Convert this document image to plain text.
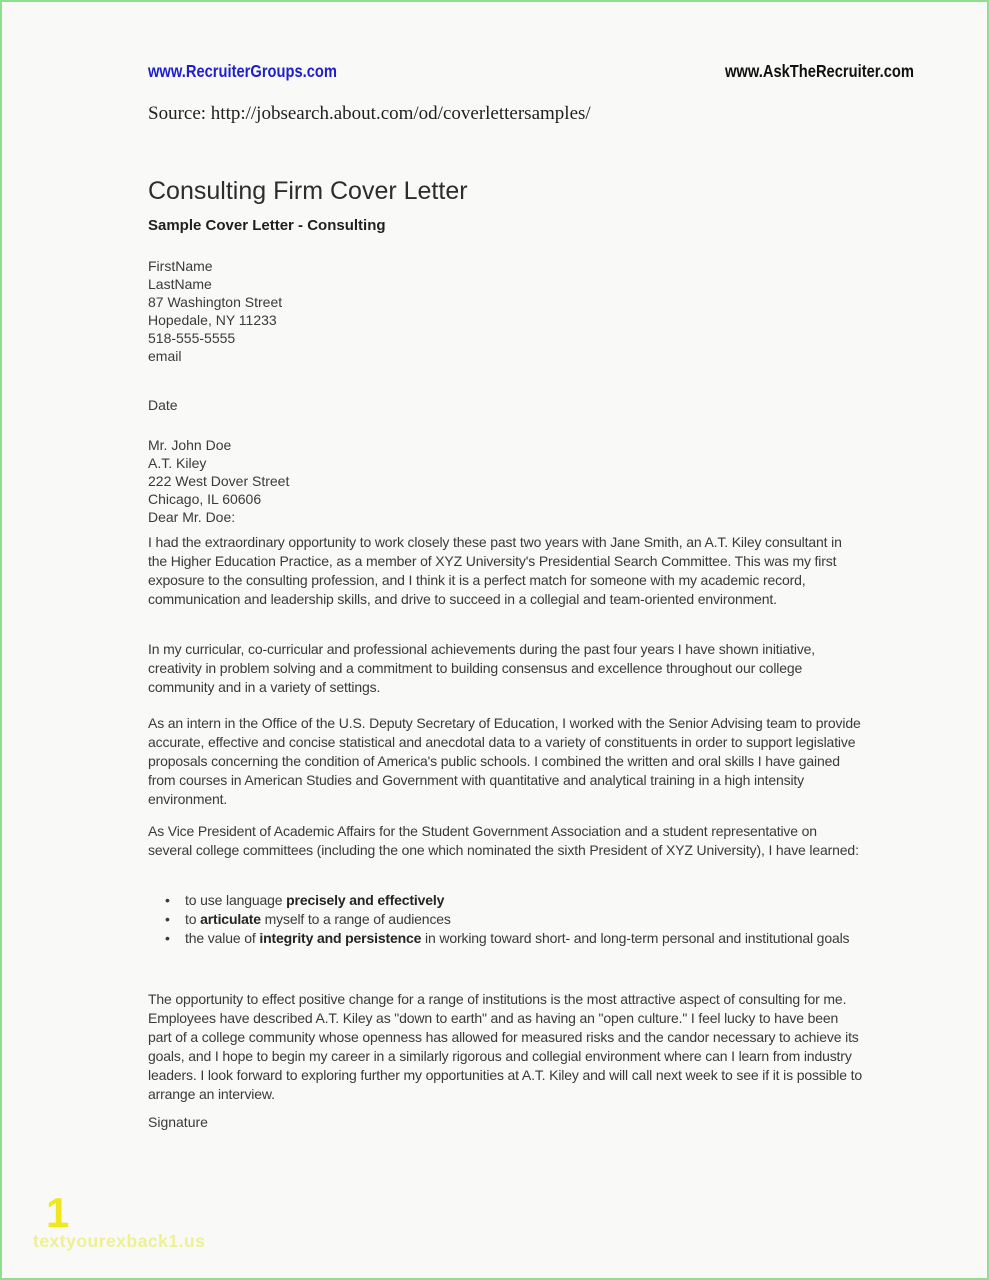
www.RecruiterGroups.com	www.AskTheRecruiter.com
Source: http://jobsearch.about.com/od/coverlettersamples/
Consulting Firm Cover Letter
Sample Cover Letter - Consulting
FirstName
LastName
87 Washington Street
Hopedale, NY 11233
518-555-5555
email
Date
Mr. John Doe
A.T. Kiley
222 West Dover Street
Chicago, IL 60606
Dear Mr. Doe:
I had the extraordinary opportunity to work closely these past two years with Jane Smith, an A.T. Kiley consultant in the Higher Education Practice, as a member of XYZ University's Presidential Search Committee. This was my first exposure to the consulting profession, and I think it is a perfect match for someone with my academic record, communication and leadership skills, and drive to succeed in a collegial and team-oriented environment.
In my curricular, co-curricular and professional achievements during the past four years I have shown initiative, creativity in problem solving and a commitment to building consensus and excellence throughout our college community and in a variety of settings.
As an intern in the Office of the U.S. Deputy Secretary of Education, I worked with the Senior Advising team to provide accurate, effective and concise statistical and anecdotal data to a variety of constituents in order to support legislative proposals concerning the condition of America's public schools. I combined the written and oral skills I have gained from courses in American Studies and Government with quantitative and analytical training in a high intensity environment.
As Vice President of Academic Affairs for the Student Government Association and a student representative on several college committees (including the one which nominated the sixth President of XYZ University), I have learned:
•	to use language precisely and effectively
•	to articulate myself to a range of audiences
•	the value of integrity and persistence in working toward short- and long-term personal and institutional goals
The opportunity to effect positive change for a range of institutions is the most attractive aspect of consulting for me. Employees have described A.T. Kiley as "down to earth" and as having an "open culture." I feel lucky to have been part of a college community whose openness has allowed for measured risks and the candor necessary to achieve its goals, and I hope to begin my career in a similarly rigorous and collegial environment where can I learn from industry leaders. I look forward to exploring further my opportunities at A.T. Kiley and will call next week to see if it is possible to arrange an interview.
Signature
1
textyourexback1.us
